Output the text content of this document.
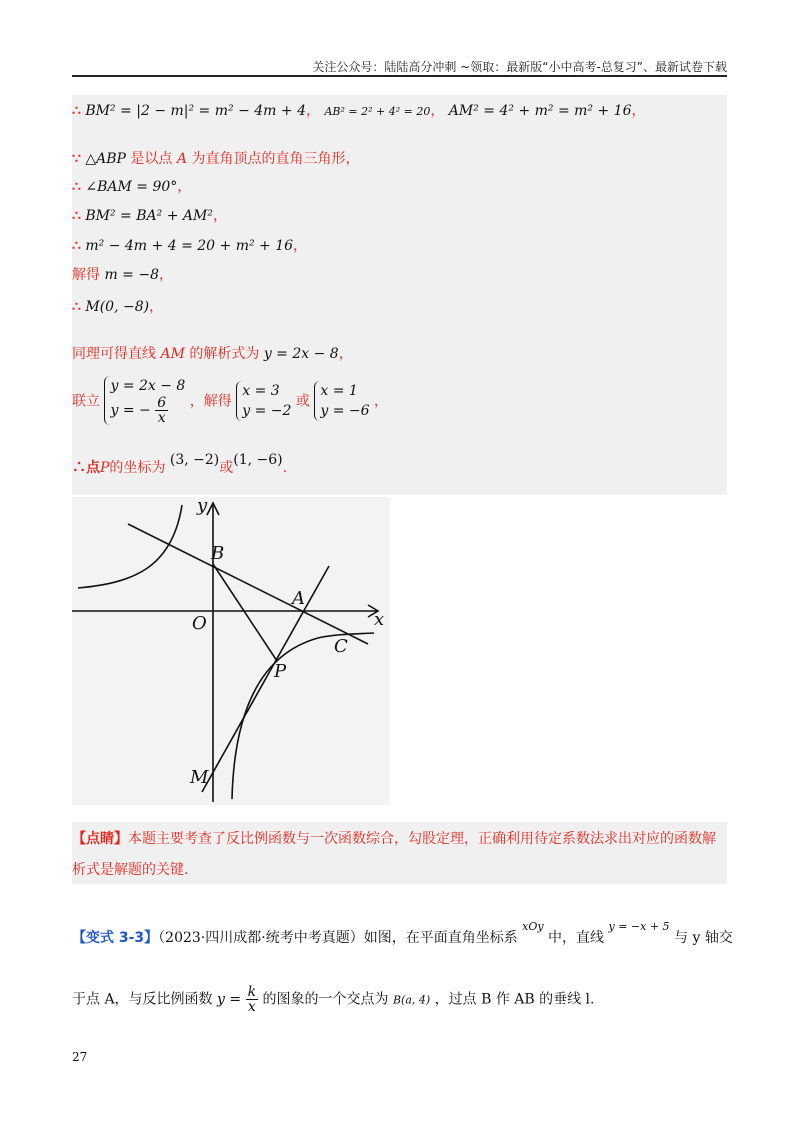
关注公众号：陆陆高分冲刺 ~领取：最新版“小中高考-总复习”、最新试卷下载
∴ BM² = |2 − m|² = m² − 4m + 4， AB² = 2² + 4² = 20， AM² = 4² + m² = m² + 16，
∵ △ABP 是以点 A 为直角顶点的直角三角形，
∴ ∠BAM = 90°，
∴ BM² = BA² + AM²，
∴ m² − 4m + 4 = 20 + m² + 16，
解得 m = −8，
∴ M(0, −8)，
同理可得直线 AM 的解析式为 y = 2x − 8，
联立
y = 2x − 8
y = − $\frac{6}{x}$ ，解得
x = 3
y = −2
或
x = 1
y = −6
，
∴点P的坐标为 (3, −2)或(1, −6).
y
x
O
B
A
C
P
M
【点睛】本题主要考查了反比例函数与一次函数综合，勾股定理，正确利用待定系数法求出对应的函数解
析式是解题的关键.
【变式 3-3】（2023·四川成都·统考中考真题）如图，在平面直角坐标系 $^{xOy}$ 中，直线 $^{y = -x + 5}$ 与 y 轴交
于点 A，与反比例函数 $y = \frac{k}{x}$ 的图象的一个交点为 B(a, 4) ，过点 B 作 AB 的垂线 l.
27
